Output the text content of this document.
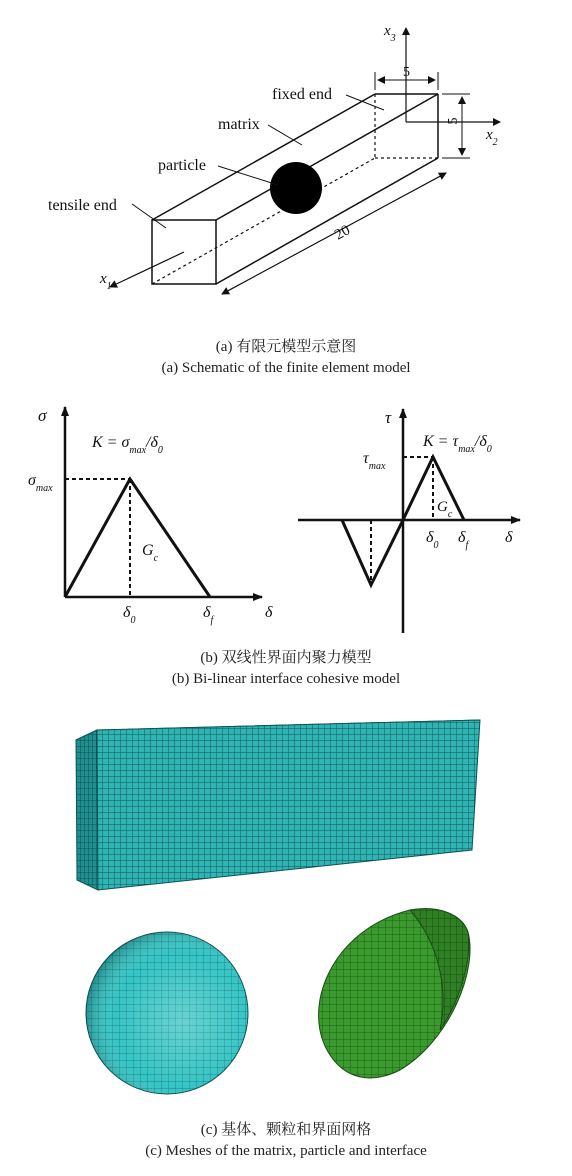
$x_3$
$x_2$
$x_1$
5
5
20
fixed end
matrix
particle
tensile end
(a) 有限元模型示意图
(a) Schematic of the finite element model
σ
$K = \sigma_{max}/\delta_0$
$\sigma_{max}$
$G_c$
$\delta_0$	$\delta_f$	δ
τ
$K = \tau_{max}/\delta_0$
$\tau_{max}$
$G_c$
$\delta_0$ $\delta_f$ δ
(b) 双线性界面内聚力模型
(b) Bi-linear interface cohesive model
(c) 基体、颗粒和界面网格
(c) Meshes of the matrix, particle and interface
